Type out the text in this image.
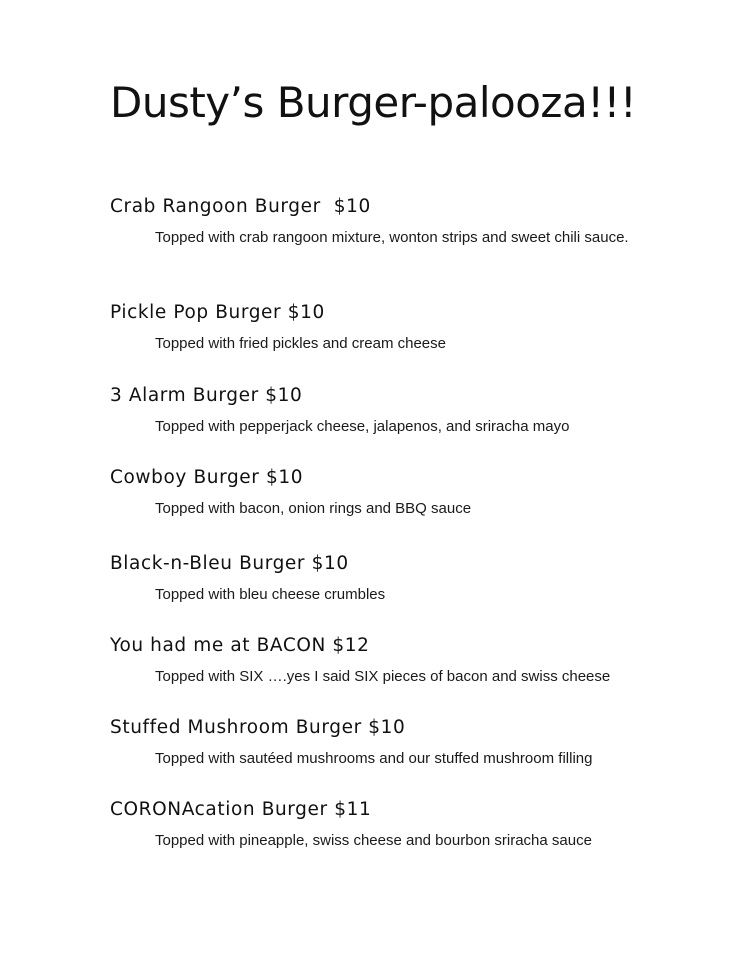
Dusty’s Burger-palooza!!!
Crab Rangoon Burger  $10
Topped with crab rangoon mixture, wonton strips and sweet chili sauce.
Pickle Pop Burger $10
Topped with fried pickles and cream cheese
3 Alarm Burger $10
Topped with pepperjack cheese, jalapenos, and sriracha mayo
Cowboy Burger $10
Topped with bacon, onion rings and BBQ sauce
Black-n-Bleu Burger $10
Topped with bleu cheese crumbles
You had me at BACON $12
Topped with SIX ….yes I said SIX pieces of bacon and swiss cheese
Stuffed Mushroom Burger $10
Topped with sautéed mushrooms and our stuffed mushroom filling
CORONAcation Burger $11
Topped with pineapple, swiss cheese and bourbon sriracha sauce
